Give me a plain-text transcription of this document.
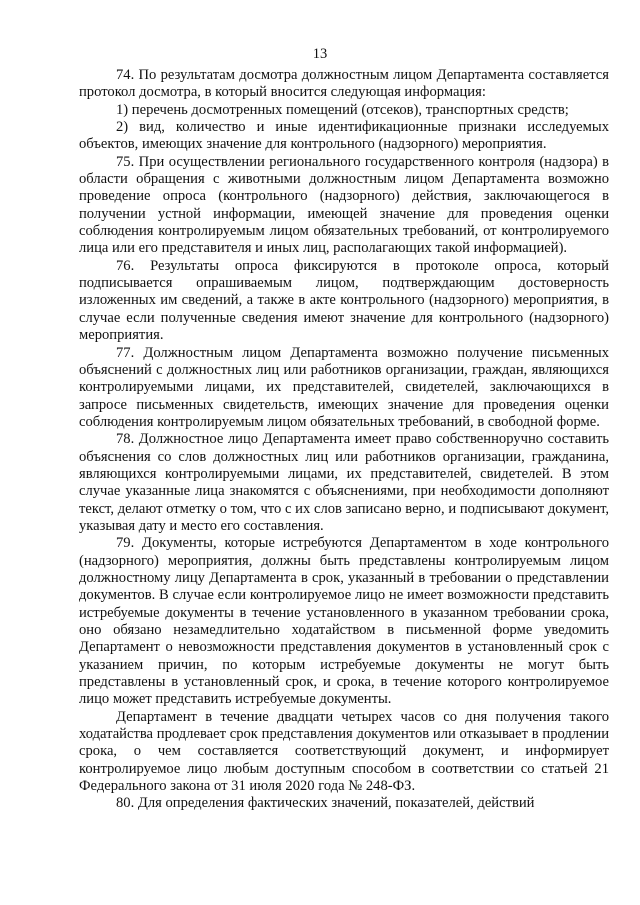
13

74. По результатам досмотра должностным лицом Департамента составляется протокол досмотра, в который вносится следующая информация:

1) перечень досмотренных помещений (отсеков), транспортных средств;

2) вид, количество и иные идентификационные признаки исследуемых объектов, имеющих значение для контрольного (надзорного) мероприятия.

75. При осуществлении регионального государственного контроля (надзора) в области обращения с животными должностным лицом Департамента возможно проведение опроса (контрольного (надзорного) действия, заключающегося в получении устной информации, имеющей значение для проведения оценки соблюдения контролируемым лицом обязательных требований, от контролируемого лица или его представителя и иных лиц, располагающих такой информацией).

76. Результаты опроса фиксируются в протоколе опроса, который подписывается опрашиваемым лицом, подтверждающим достоверность изложенных им сведений, а также в акте контрольного (надзорного) мероприятия, в случае если полученные сведения имеют значение для контрольного (надзорного) мероприятия.

77. Должностным лицом Департамента возможно получение письменных объяснений с должностных лиц или работников организации, граждан, являющихся контролируемыми лицами, их представителей, свидетелей, заключающихся в запросе письменных свидетельств, имеющих значение для проведения оценки соблюдения контролируемым лицом обязательных требований, в свободной форме.

78. Должностное лицо Департамента имеет право собственноручно составить объяснения со слов должностных лиц или работников организации, гражданина, являющихся контролируемыми лицами, их представителей, свидетелей. В этом случае указанные лица знакомятся с объяснениями, при необходимости дополняют текст, делают отметку о том, что с их слов записано верно, и подписывают документ, указывая дату и место его составления.

79. Документы, которые истребуются Департаментом в ходе контрольного (надзорного) мероприятия, должны быть представлены контролируемым лицом должностному лицу Департамента в срок, указанный в требовании о представлении документов. В случае если контролируемое лицо не имеет возможности представить истребуемые документы в течение установленного в указанном требовании срока, оно обязано незамедлительно ходатайством в письменной форме уведомить Департамент о невозможности представления документов в установленный срок с указанием причин, по которым истребуемые документы не могут быть представлены в установленный срок, и срока, в течение которого контролируемое лицо может представить истребуемые документы.

Департамент в течение двадцати четырех часов со дня получения такого ходатайства продлевает срок представления документов или отказывает в продлении срока, о чем составляется соответствующий документ, и информирует контролируемое лицо любым доступным способом в соответствии со статьей 21 Федерального закона от 31 июля 2020 года № 248-ФЗ.

80. Для определения фактических значений, показателей, действий
